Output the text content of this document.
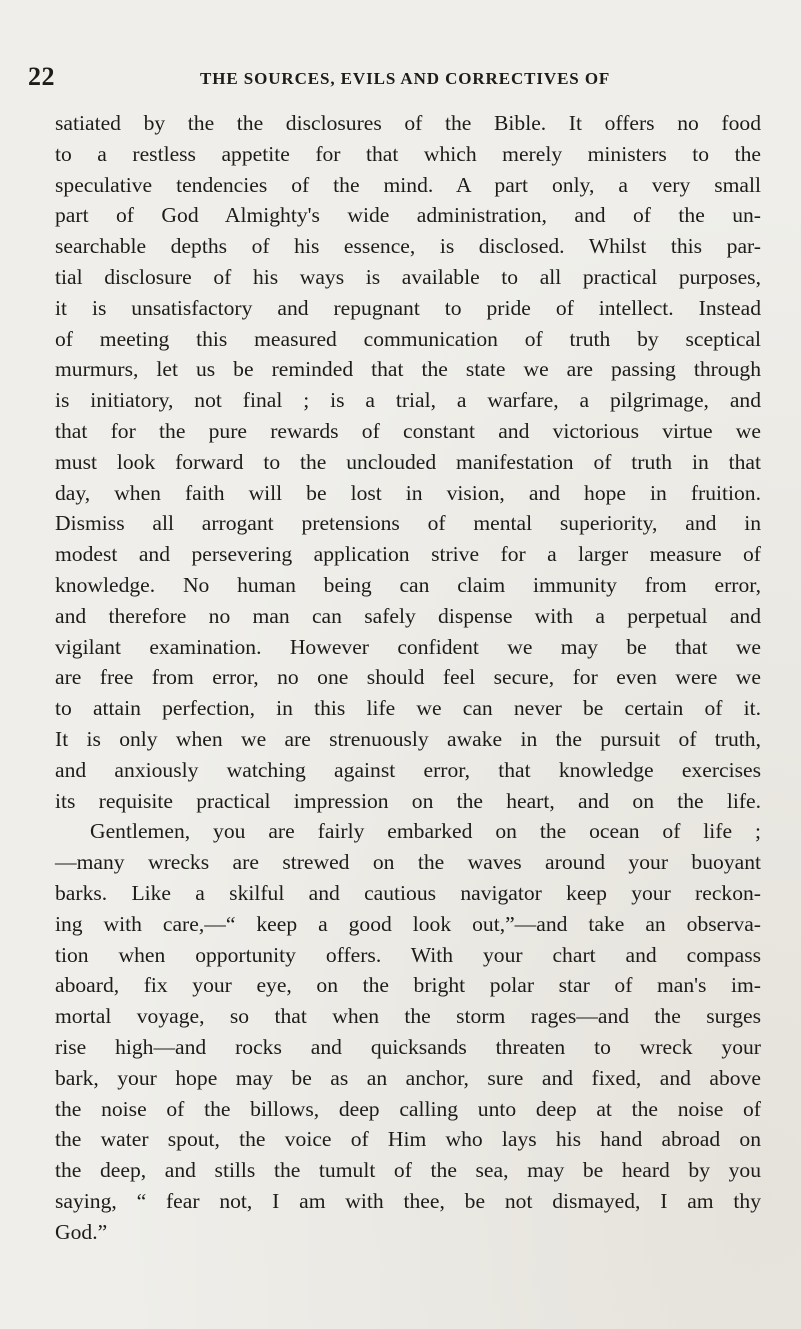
22	THE SOURCES, EVILS AND CORRECTIVES OF
satiated by the the disclosures of the Bible. It offers no food
to a restless appetite for that which merely ministers to the
speculative tendencies of the mind. A part only, a very small
part of God Almighty's wide administration, and of the un-
searchable depths of his essence, is disclosed. Whilst this par-
tial disclosure of his ways is available to all practical purposes,
it is unsatisfactory and repugnant to pride of intellect. Instead
of meeting this measured communication of truth by sceptical
murmurs, let us be reminded that the state we are passing through
is initiatory, not final ; is a trial, a warfare, a pilgrimage, and
that for the pure rewards of constant and victorious virtue we
must look forward to the unclouded manifestation of truth in that
day, when faith will be lost in vision, and hope in fruition.
Dismiss all arrogant pretensions of mental superiority, and in
modest and persevering application strive for a larger measure of
knowledge. No human being can claim immunity from error,
and therefore no man can safely dispense with a perpetual and
vigilant examination. However confident we may be that we
are free from error, no one should feel secure, for even were we
to attain perfection, in this life we can never be certain of it.
It is only when we are strenuously awake in the pursuit of truth,
and anxiously watching against error, that knowledge exercises
its requisite practical impression on the heart, and on the life.
Gentlemen, you are fairly embarked on the ocean of life ;
—many wrecks are strewed on the waves around your buoyant
barks. Like a skilful and cautious navigator keep your reckon-
ing with care,—“ keep a good look out,”—and take an observa-
tion when opportunity offers. With your chart and compass
aboard, fix your eye, on the bright polar star of man's im-
mortal voyage, so that when the storm rages—and the surges
rise high—and rocks and quicksands threaten to wreck your
bark, your hope may be as an anchor, sure and fixed, and above
the noise of the billows, deep calling unto deep at the noise of
the water spout, the voice of Him who lays his hand abroad on
the deep, and stills the tumult of the sea, may be heard by you
saying, “ fear not, I am with thee, be not dismayed, I am thy
God.”
